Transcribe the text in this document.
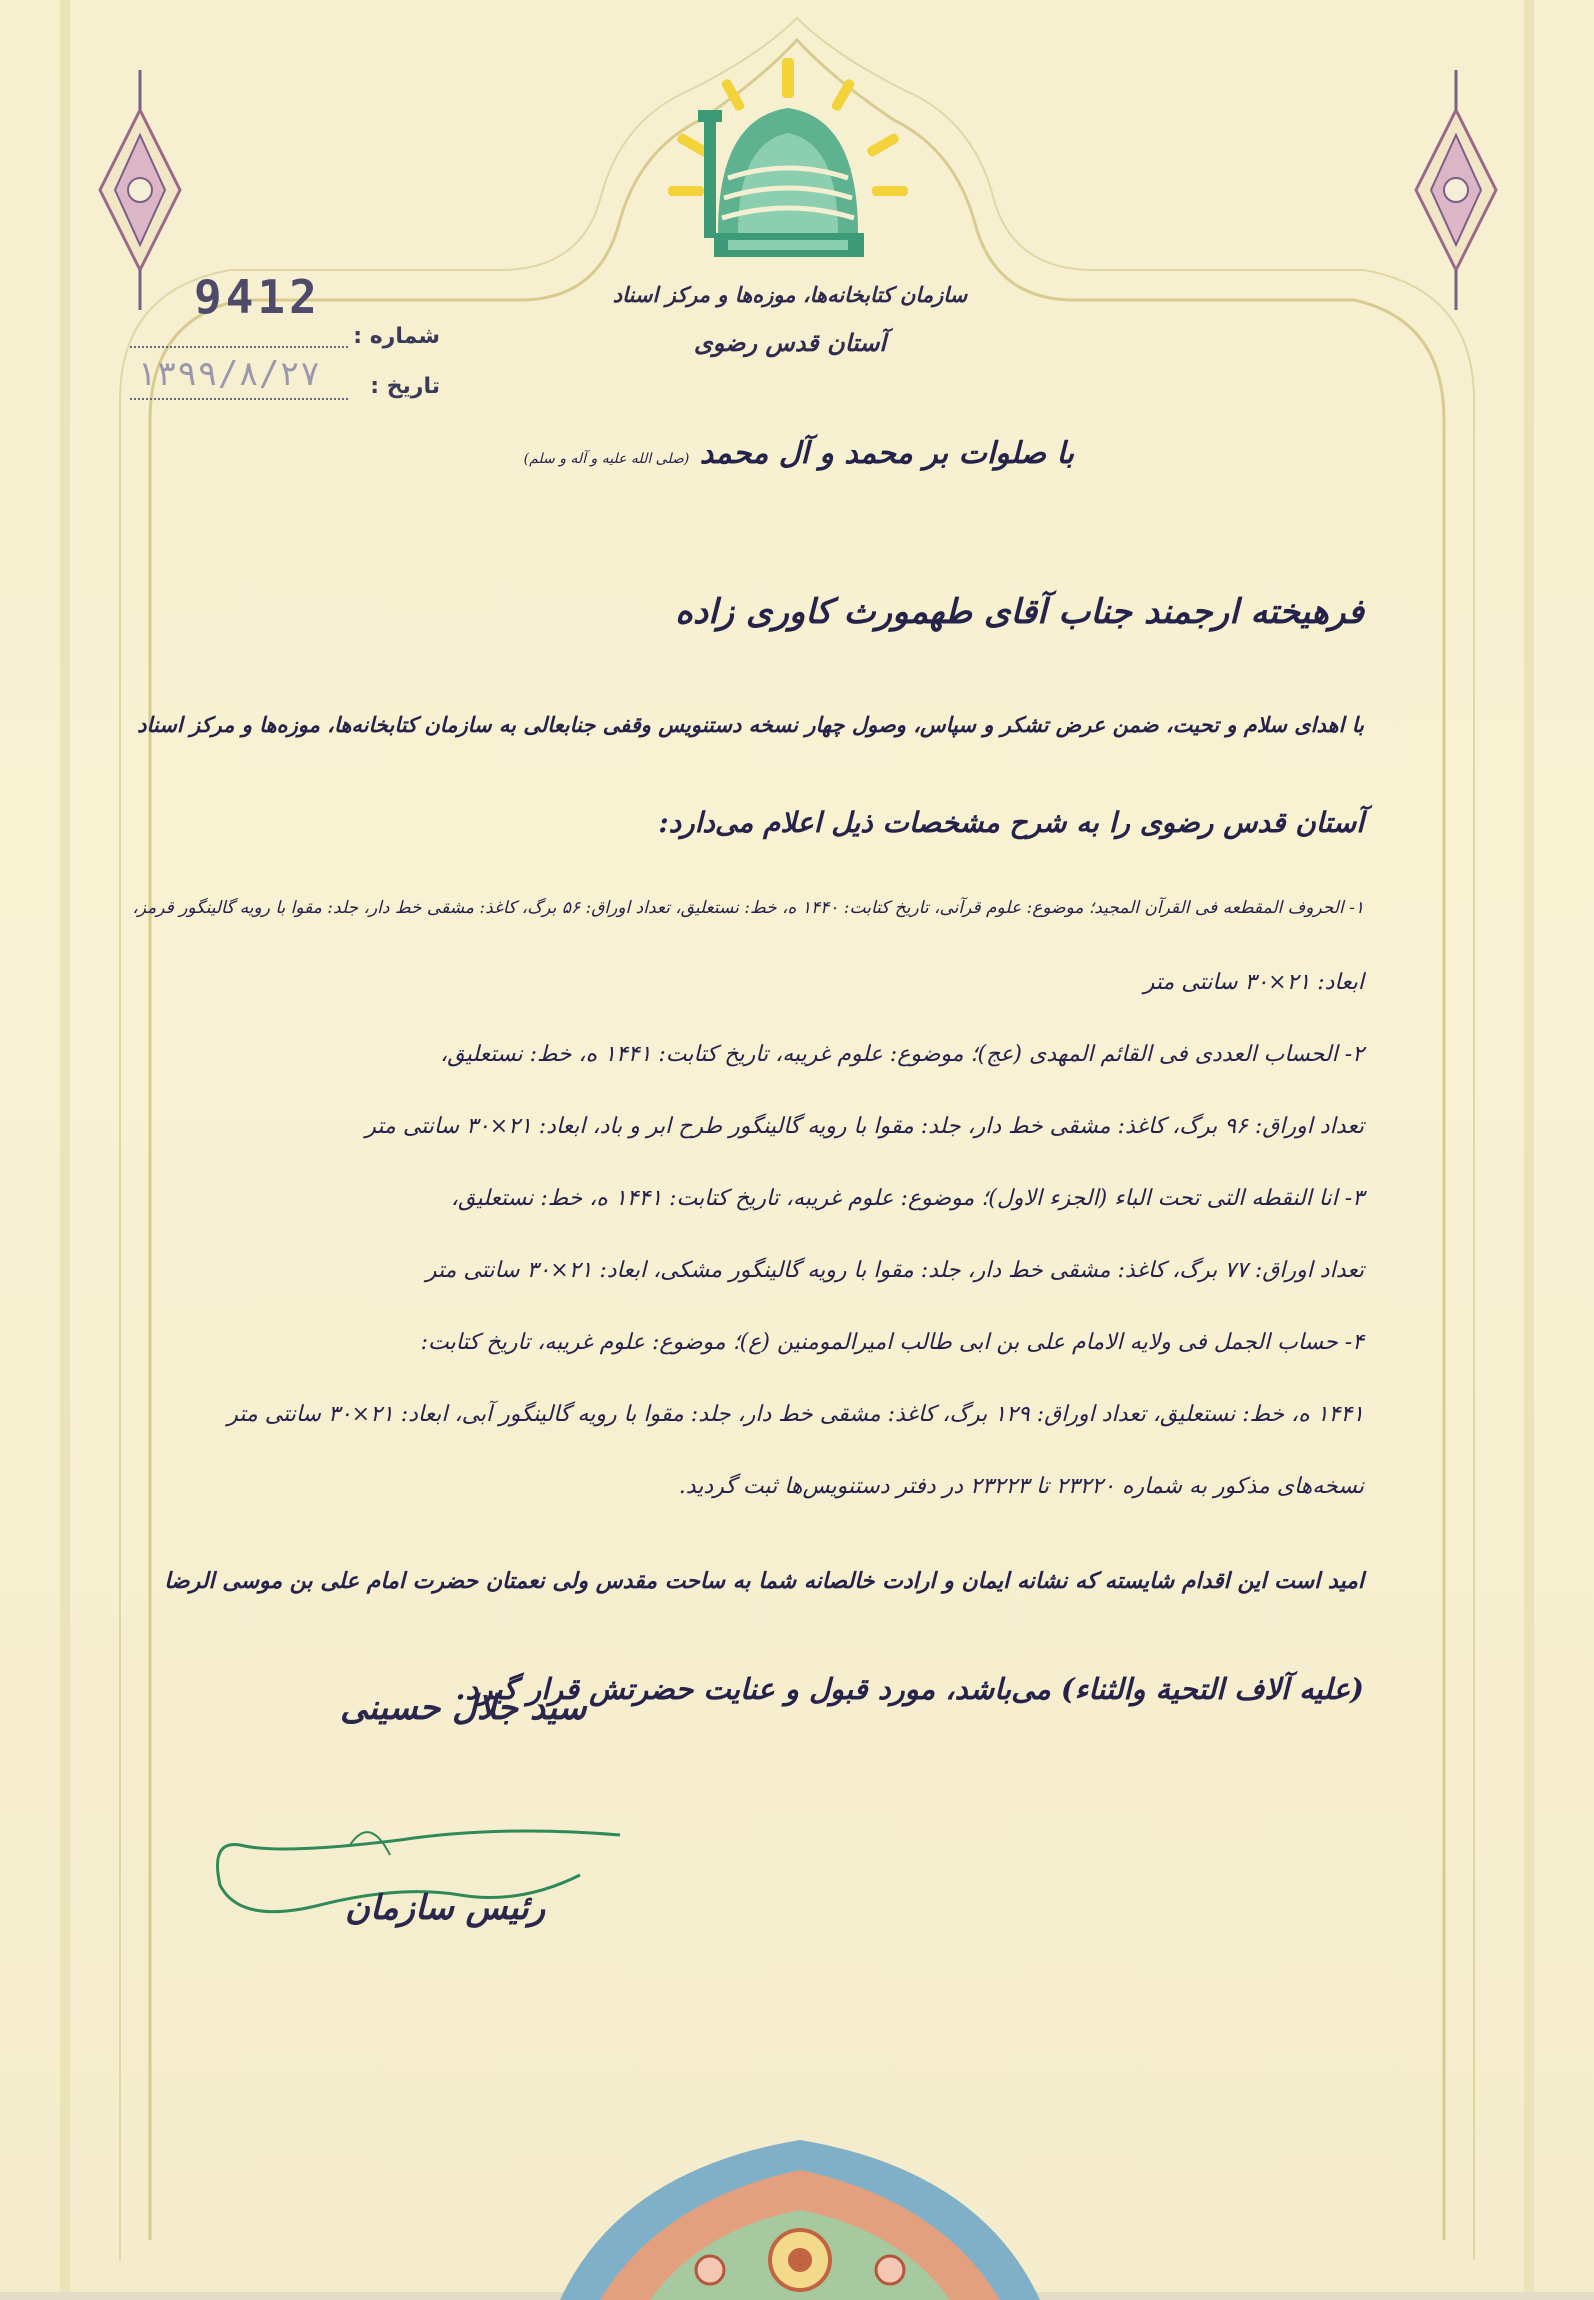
سازمان کتابخانه‌ها، موزه‌ها و مرکز اسناد
آستان قدس رضوی
9412
شماره :
۱۳۹۹/۸/۲۷ تاریخ :
با صلوات بر محمد و آل محمد (صلی الله علیه و آله و سلم)
فرهیخته ارجمند جناب آقای طهمورث کاوری زاده
با اهدای سلام و تحیت، ضمن عرض تشکر و سپاس، وصول چهار نسخه دستنویس وقفی جنابعالی به سازمان کتابخانه‌ها، موزه‌ها و مرکز اسناد
آستان قدس رضوی را به شرح مشخصات ذیل اعلام می‌دارد:
۱- الحروف المقطعه فی القرآن المجید؛ موضوع: علوم قرآنی، تاریخ کتابت: ۱۴۴۰ ه، خط: نستعلیق، تعداد اوراق: ۵۶ برگ، کاغذ: مشقی خط دار، جلد: مقوا با رویه گالینگور قرمز،
ابعاد: ۲۱×۳۰ سانتی متر
۲- الحساب العددی فی القائم المهدی (عج)؛ موضوع: علوم غریبه، تاریخ کتابت: ۱۴۴۱ ه، خط: نستعلیق،
تعداد اوراق: ۹۶ برگ، کاغذ: مشقی خط دار، جلد: مقوا با رویه گالینگور طرح ابر و باد، ابعاد: ۲۱×۳۰ سانتی متر
۳- انا النقطه التی تحت الباء (الجزء الاول)؛ موضوع: علوم غریبه، تاریخ کتابت: ۱۴۴۱ ه، خط: نستعلیق،
تعداد اوراق: ۷۷ برگ، کاغذ: مشقی خط دار، جلد: مقوا با رویه گالینگور مشکی، ابعاد: ۲۱×۳۰ سانتی متر
۴- حساب الجمل فی ولایه الامام علی بن ابی طالب امیرالمومنین (ع)؛ موضوع: علوم غریبه، تاریخ کتابت:
۱۴۴۱ ه، خط: نستعلیق، تعداد اوراق: ۱۲۹ برگ، کاغذ: مشقی خط دار، جلد: مقوا با رویه گالینگور آبی، ابعاد: ۲۱×۳۰ سانتی متر
نسخه‌های مذکور به شماره ۲۳۲۲۰ تا ۲۳۲۲۳ در دفتر دستنویس‌ها ثبت گردید.
امید است این اقدام شایسته که نشانه ایمان و ارادت خالصانه شما به ساحت مقدس ولی نعمتان حضرت امام علی بن موسی الرضا
(علیه آلاف التحیة والثناء) می‌باشد، مورد قبول و عنایت حضرتش قرار گیرد.
سید جلال حسینی
رئیس سازمان
